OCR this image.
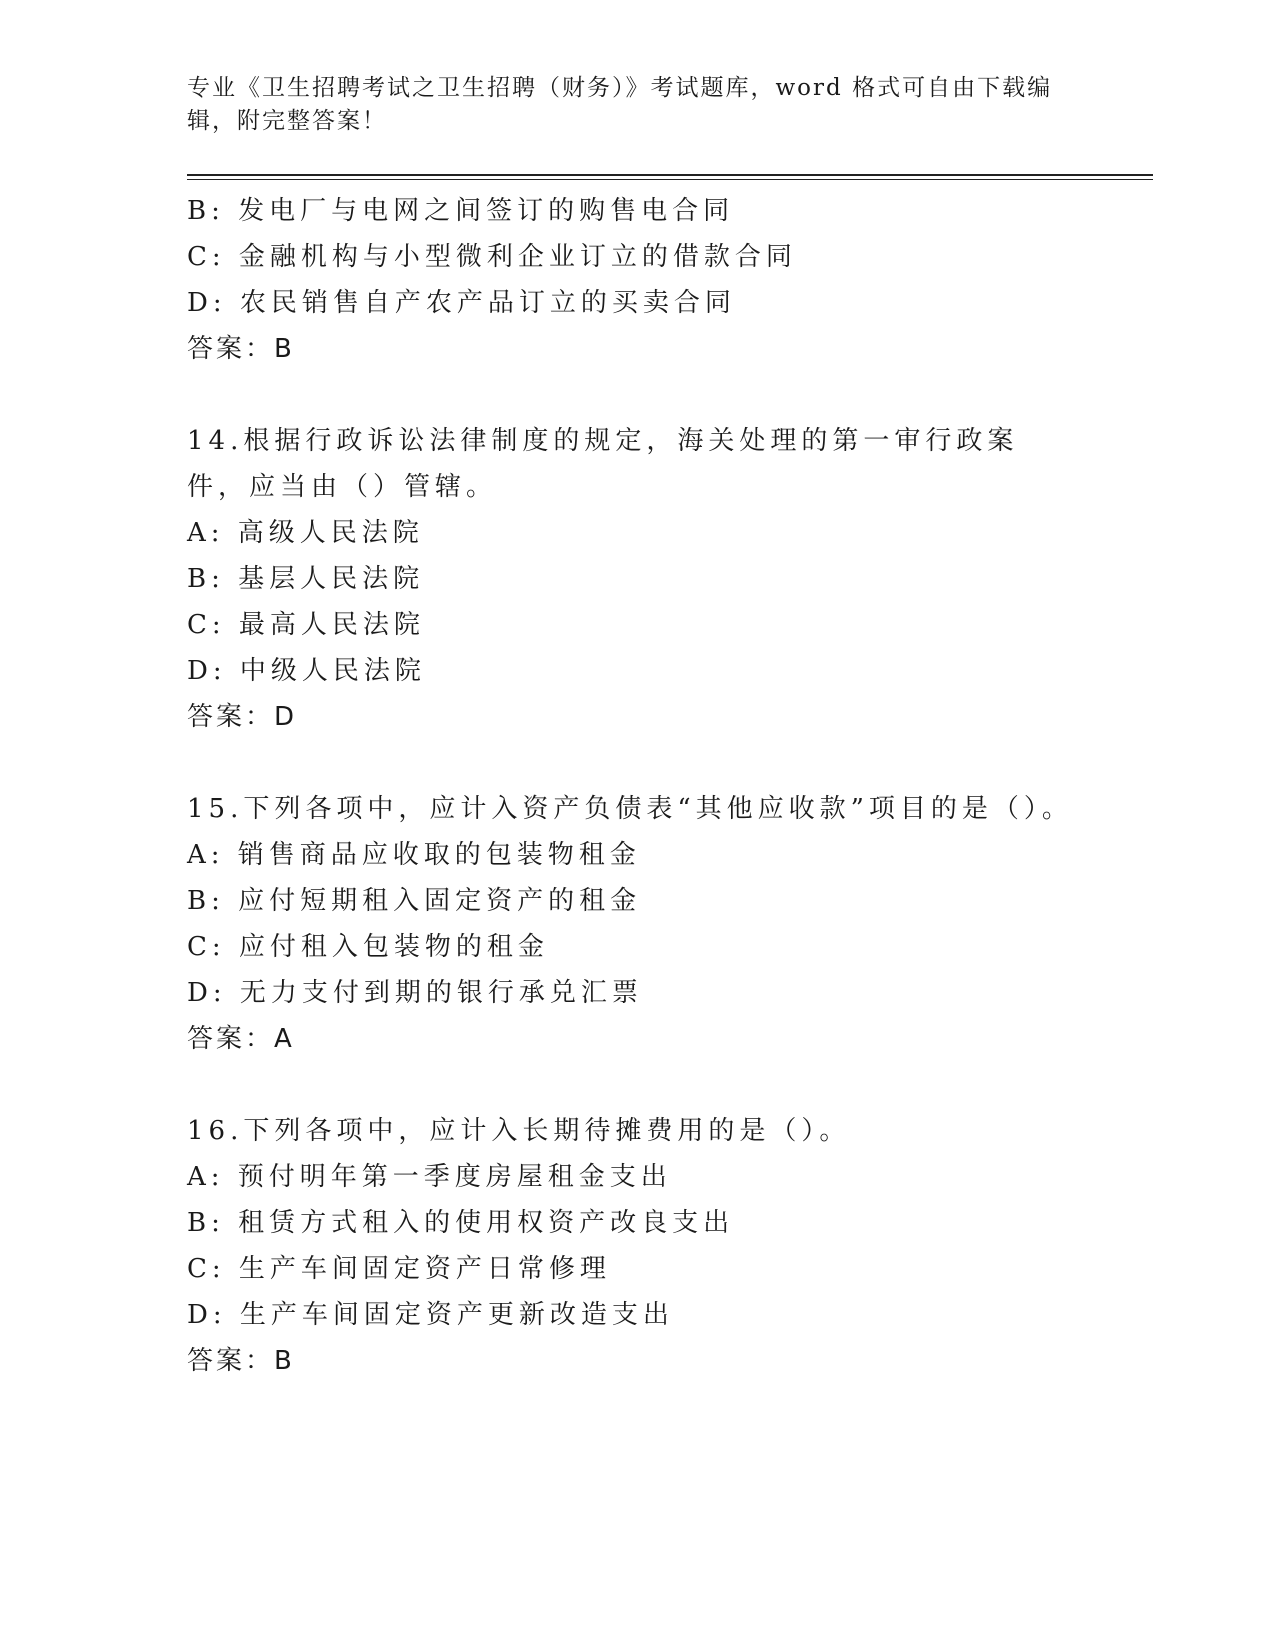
专业《卫生招聘考试之卫生招聘（财务）》考试题库，word 格式可自由下载编辑，附完整答案！

B: 发电厂与电网之间签订的购售电合同
C: 金融机构与小型微利企业订立的借款合同
D: 农民销售自产农产品订立的买卖合同
答案：B
14.根据行政诉讼法律制度的规定，海关处理的第一审行政案件，应当由（）管辖。
A: 高级人民法院
B: 基层人民法院
C: 最高人民法院
D: 中级人民法院
答案：D
15.下列各项中，应计入资产负债表“其他应收款”项目的是（）。
A: 销售商品应收取的包装物租金
B: 应付短期租入固定资产的租金
C: 应付租入包装物的租金
D: 无力支付到期的银行承兑汇票
答案：A
16.下列各项中，应计入长期待摊费用的是（）。
A: 预付明年第一季度房屋租金支出
B: 租赁方式租入的使用权资产改良支出
C: 生产车间固定资产日常修理
D: 生产车间固定资产更新改造支出
答案：B
